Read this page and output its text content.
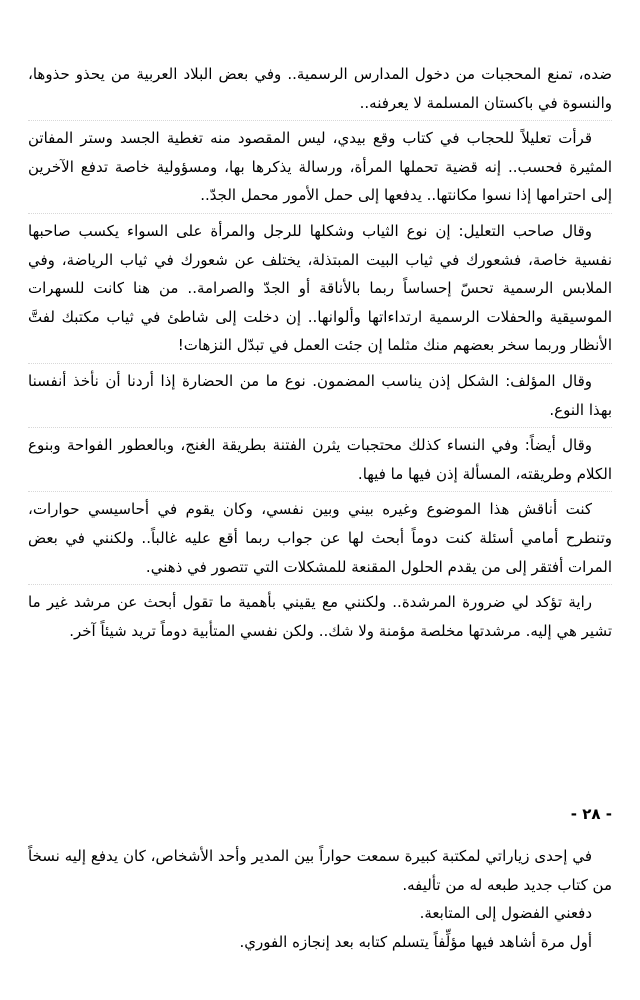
ضده، تمنع المحجبات من دخول المدارس الرسمية.. وفي بعض البلاد العربية من يحذو حذوها، والنسوة في باكستان المسلمة لا يعرفنه..

قرأت تعليلاً للحجاب في كتاب وقع بيدي، ليس المقصود منه تغطية الجسد وستر المفاتن المثيرة فحسب.. إنه قضية تحملها المرأة، ورسالة يذكرها بها، ومسؤولية خاصة تدفع الآخرين إلى احترامها إذا نسوا مكانتها.. يدفعها إلى حمل الأمور محمل الجدّ..

وقال صاحب التعليل: إن نوع الثياب وشكلها للرجل والمرأة على السواء يكسب صاحبها نفسية خاصة، فشعورك في ثياب البيت المبتذلة، يختلف عن شعورك في ثياب الرياضة، وفي الملابس الرسمية تحسّ إحساساً ربما بالأناقة أو الجدّ والصرامة.. من هنا كانت للسهرات الموسيقية والحفلات الرسمية ارتداءاتها وألوانها.. إن دخلت إلى شاطئ في ثياب مكتبك لفتَّ الأنظار وربما سخر بعضهم منك مثلما إن جئت العمل في تبدّل النزهات!

وقال المؤلف: الشكل إذن يناسب المضمون. نوع ما من الحضارة إذا أردنا أن نأخذ أنفسنا بهذا النوع.

وقال أيضاً: وفي النساء كذلك محتجبات يثرن الفتنة بطريقة الغنج، وبالعطور الفواحة وبنوع الكلام وطريقته، المسألة إذن فيها ما فيها.

كنت أناقش هذا الموضوع وغيره بيني وبين نفسي، وكان يقوم في أحاسيسي حوارات، وتنطرح أمامي أسئلة كنت دوماً أبحث لها عن جواب ربما أقع عليه غالباً.. ولكنني في بعض المرات أفتقر إلى من يقدم الحلول المقنعة للمشكلات التي تتصور في ذهني.

راية تؤكد لي ضرورة المرشدة.. ولكنني مع يقيني بأهمية ما تقول أبحث عن مرشد غير ما تشير هي إليه. مرشدتها مخلصة مؤمنة ولا شك.. ولكن نفسي المتأبية دوماً تريد شيئاً آخر.

- ٢٨ -

في إحدى زياراتي لمكتبة كبيرة سمعت حواراً بين المدير وأحد الأشخاص، كان يدفع إليه نسخاً من كتاب جديد طبعه له من تأليفه.

دفعني الفضول إلى المتابعة.

أول مرة أشاهد فيها مؤلِّفاً يتسلم كتابه بعد إنجازه الفوري.
